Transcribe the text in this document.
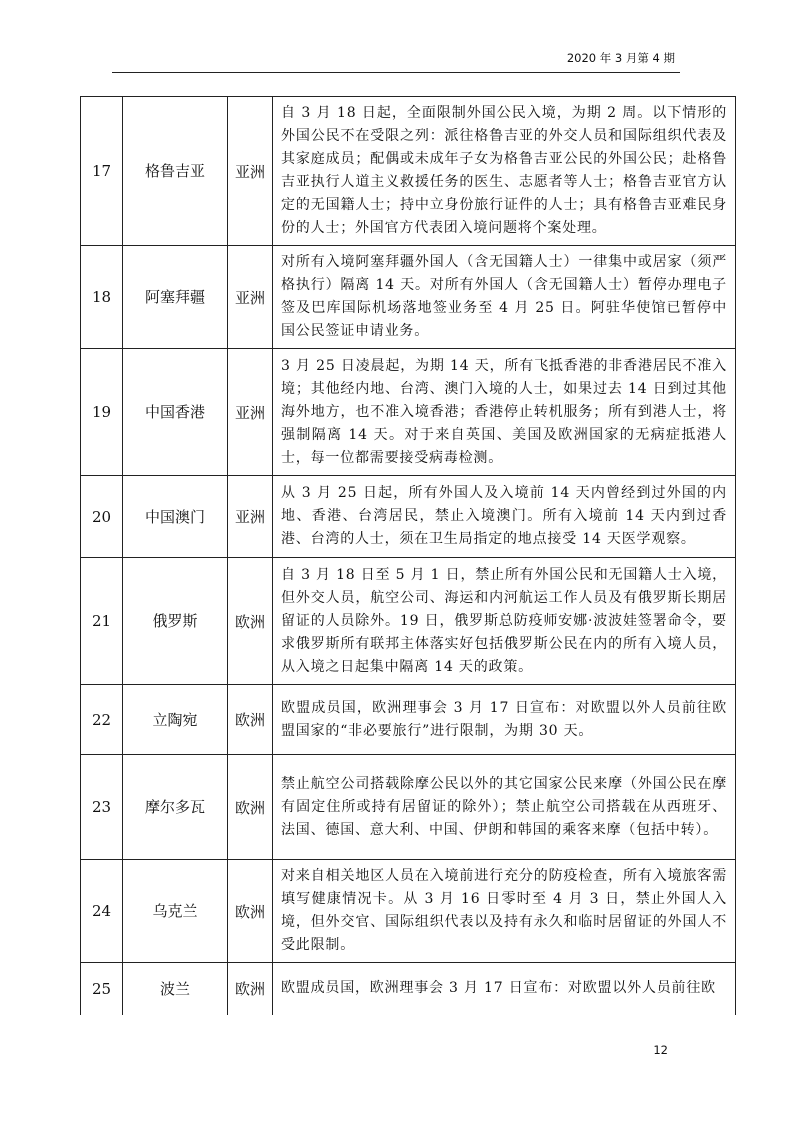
2020 年 3 月第 4 期
17	格鲁吉亚	亚洲	自 3 月 18 日起，全面限制外国公民入境，为期 2 周。以下情形的外国公民不在受限之列：派往格鲁吉亚的外交人员和国际组织代表及其家庭成员；配偶或未成年子女为格鲁吉亚公民的外国公民；赴格鲁吉亚执行人道主义救援任务的医生、志愿者等人士；格鲁吉亚官方认定的无国籍人士；持中立身份旅行证件的人士；具有格鲁吉亚难民身份的人士；外国官方代表团入境问题将个案处理。
18	阿塞拜疆	亚洲	对所有入境阿塞拜疆外国人（含无国籍人士）一律集中或居家（须严格执行）隔离 14 天。对所有外国人（含无国籍人士）暂停办理电子签及巴库国际机场落地签业务至 4 月 25 日。阿驻华使馆已暂停中国公民签证申请业务。
19	中国香港	亚洲	3 月 25 日凌晨起，为期 14 天，所有飞抵香港的非香港居民不准入境；其他经内地、台湾、澳门入境的人士，如果过去 14 日到过其他海外地方，也不准入境香港；香港停止转机服务；所有到港人士，将强制隔离 14 天。对于来自英国、美国及欧洲国家的无病症抵港人士，每一位都需要接受病毒检测。
20	中国澳门	亚洲	从 3 月 25 日起，所有外国人及入境前 14 天内曾经到过外国的内地、香港、台湾居民，禁止入境澳门。所有入境前 14 天内到过香港、台湾的人士，须在卫生局指定的地点接受 14 天医学观察。
21	俄罗斯	欧洲	自 3 月 18 日至 5 月 1 日，禁止所有外国公民和无国籍人士入境，但外交人员，航空公司、海运和内河航运工作人员及有俄罗斯长期居留证的人员除外。19 日，俄罗斯总防疫师安娜·波波娃签署命令，要求俄罗斯所有联邦主体落实好包括俄罗斯公民在内的所有入境人员，从入境之日起集中隔离 14 天的政策。
22	立陶宛	欧洲	欧盟成员国，欧洲理事会 3 月 17 日宣布：对欧盟以外人员前往欧盟国家的“非必要旅行”进行限制，为期 30 天。
23	摩尔多瓦	欧洲	禁止航空公司搭载除摩公民以外的其它国家公民来摩（外国公民在摩有固定住所或持有居留证的除外）；禁止航空公司搭载在从西班牙、法国、德国、意大利、中国、伊朗和韩国的乘客来摩（包括中转）。
24	乌克兰	欧洲	对来自相关地区人员在入境前进行充分的防疫检查，所有入境旅客需填写健康情况卡。从 3 月 16 日零时至 4 月 3 日，禁止外国人入境，但外交官、国际组织代表以及持有永久和临时居留证的外国人不受此限制。
25	波兰	欧洲	欧盟成员国，欧洲理事会 3 月 17 日宣布：对欧盟以外人员前往欧
12
